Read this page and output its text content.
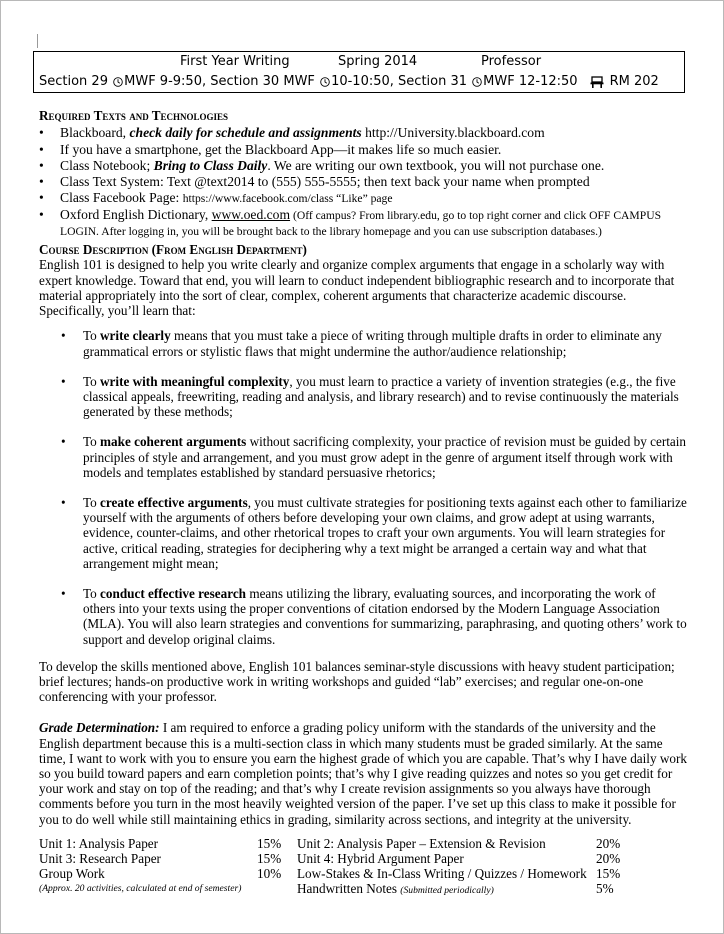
First Year Writing	Spring 2014	Professor
Section 29
MWF 9-9:50,
Section 30
MWF
10-10:50,
Section 31
MWF 12-12:50 RM 202
Required Texts and Technologies
• Blackboard, check daily for schedule and assignments http://University.blackboard.com
• If you have a smartphone, get the Blackboard App—it makes life so much easier.
• Class Notebook; Bring to Class Daily. We are writing our own textbook, you will not purchase one.
• Class Text System: Text @text2014 to (555) 555-5555; then text back your name when prompted
• Class Facebook Page: https://www.facebook.com/class “Like” page
• Oxford English Dictionary, www.oed.com (Off campus? From library.edu, go to top right corner and click OFF CAMPUS LOGIN. After logging in, you will be brought back to the library homepage and you can use subscription databases.)
Course Description (From English Department)

English 101 is designed to help you write clearly and organize complex arguments that engage in a scholarly way with expert knowledge. Toward that end, you will learn to conduct independent bibliographic research and to incorporate that material appropriately into the sort of clear, complex, coherent arguments that characterize academic discourse. Specifically, you’ll learn that:

• To write clearly means that you must take a piece of writing through multiple drafts in order to eliminate any grammatical errors or stylistic flaws that might undermine the author/audience relationship;
• To write with meaningful complexity, you must learn to practice a variety of invention strategies (e.g., the five classical appeals, freewriting, reading and analysis, and library research) and to revise continuously the materials generated by these methods;
• To make coherent arguments without sacrificing complexity, your practice of revision must be guided by certain principles of style and arrangement, and you must grow adept in the genre of argument itself through work with models and templates established by standard persuasive rhetorics;
• To create effective arguments, you must cultivate strategies for positioning texts against each other to familiarize yourself with the arguments of others before developing your own claims, and grow adept at using warrants, evidence, counter-claims, and other rhetorical tropes to craft your own arguments. You will learn strategies for active, critical reading, strategies for deciphering why a text might be arranged a certain way and what that arrangement might mean;
• To conduct effective research means utilizing the library, evaluating sources, and incorporating the work of others into your texts using the proper conventions of citation endorsed by the Modern Language Association (MLA). You will also learn strategies and conventions for summarizing, paraphrasing, and quoting others’ work to support and develop original claims.

To develop the skills mentioned above, English 101 balances seminar-style discussions with heavy student participation; brief lectures; hands-on productive work in writing workshops and guided “lab” exercises; and regular one-on-one conferencing with your professor.

Grade Determination: I am required to enforce a grading policy uniform with the standards of the university and the English department because this is a multi-section class in which many students must be graded similarly. At the same time, I want to work with you to ensure you earn the highest grade of which you are capable. That’s why I have daily work so you build toward papers and earn completion points; that’s why I give reading quizzes and notes so you get credit for your work and stay on top of the reading; and that’s why I create revision assignments so you always have thorough comments before you turn in the most heavily weighted version of the paper. I’ve set up this class to make it possible for you to do well while still maintaining ethics in grading, similarity across sections, and integrity at the university.

Unit 1: Analysis Paper	15%	Unit 2: Analysis Paper – Extension & Revision	20%
Unit 3: Research Paper	15%	Unit 4: Hybrid Argument Paper	20%
Group Work	10%	Low-Stakes & In-Class Writing / Quizzes / Homework	15%
(Approx. 20 activities, calculated at end of semester)		Handwritten Notes (Submitted periodically)	5%
